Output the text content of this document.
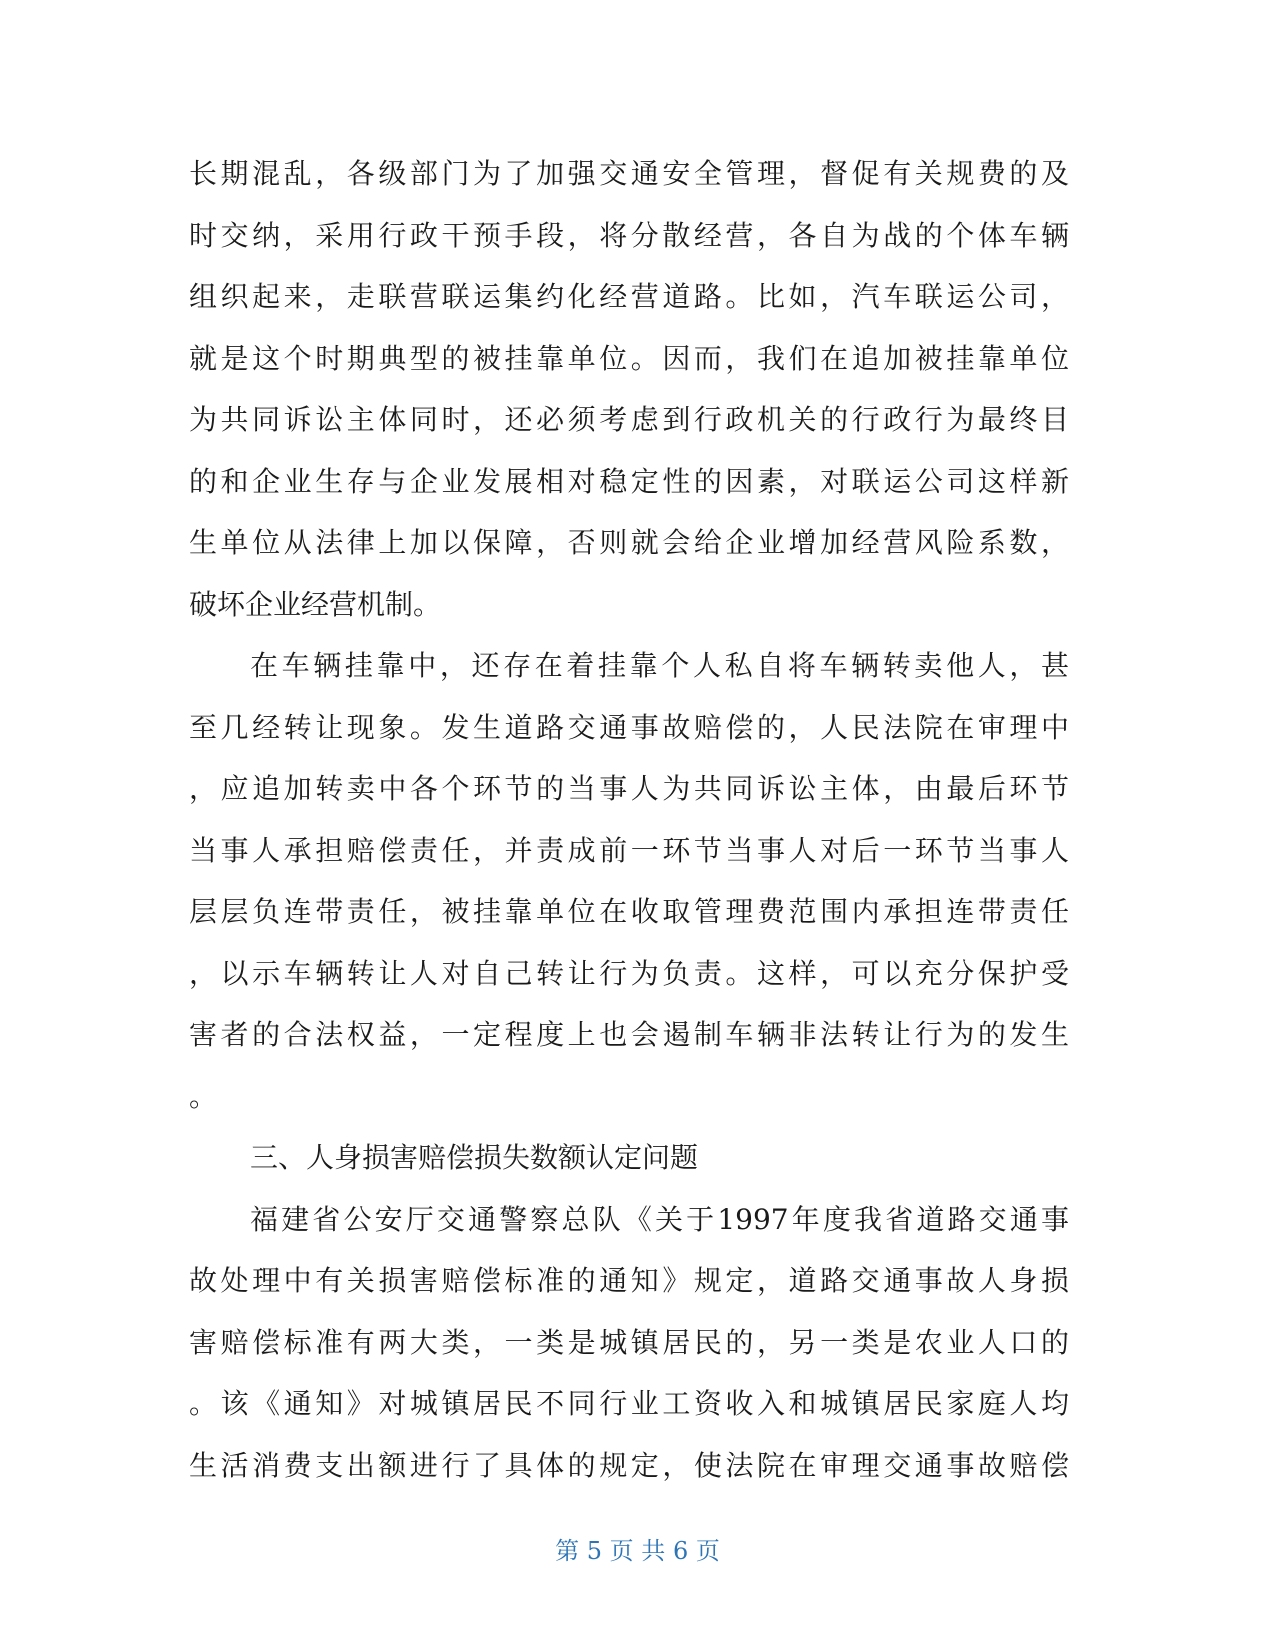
长期混乱，各级部门为了加强交通安全管理，督促有关规费的及
时交纳，采用行政干预手段，将分散经营，各自为战的个体车辆
组织起来，走联营联运集约化经营道路。比如，汽车联运公司，
就是这个时期典型的被挂靠单位。因而，我们在追加被挂靠单位
为共同诉讼主体同时，还必须考虑到行政机关的行政行为最终目
的和企业生存与企业发展相对稳定性的因素，对联运公司这样新
生单位从法律上加以保障，否则就会给企业增加经营风险系数，
破坏企业经营机制。
在车辆挂靠中，还存在着挂靠个人私自将车辆转卖他人，甚
至几经转让现象。发生道路交通事故赔偿的，人民法院在审理中
，应追加转卖中各个环节的当事人为共同诉讼主体，由最后环节
当事人承担赔偿责任，并责成前一环节当事人对后一环节当事人
层层负连带责任，被挂靠单位在收取管理费范围内承担连带责任
，以示车辆转让人对自己转让行为负责。这样，可以充分保护受
害者的合法权益，一定程度上也会遏制车辆非法转让行为的发生
。
三、人身损害赔偿损失数额认定问题
福建省公安厅交通警察总队《关于1997年度我省道路交通事
故处理中有关损害赔偿标准的通知》规定，道路交通事故人身损
害赔偿标准有两大类，一类是城镇居民的，另一类是农业人口的
。该《通知》对城镇居民不同行业工资收入和城镇居民家庭人均
生活消费支出额进行了具体的规定，使法院在审理交通事故赔偿
第 5 页 共 6 页
